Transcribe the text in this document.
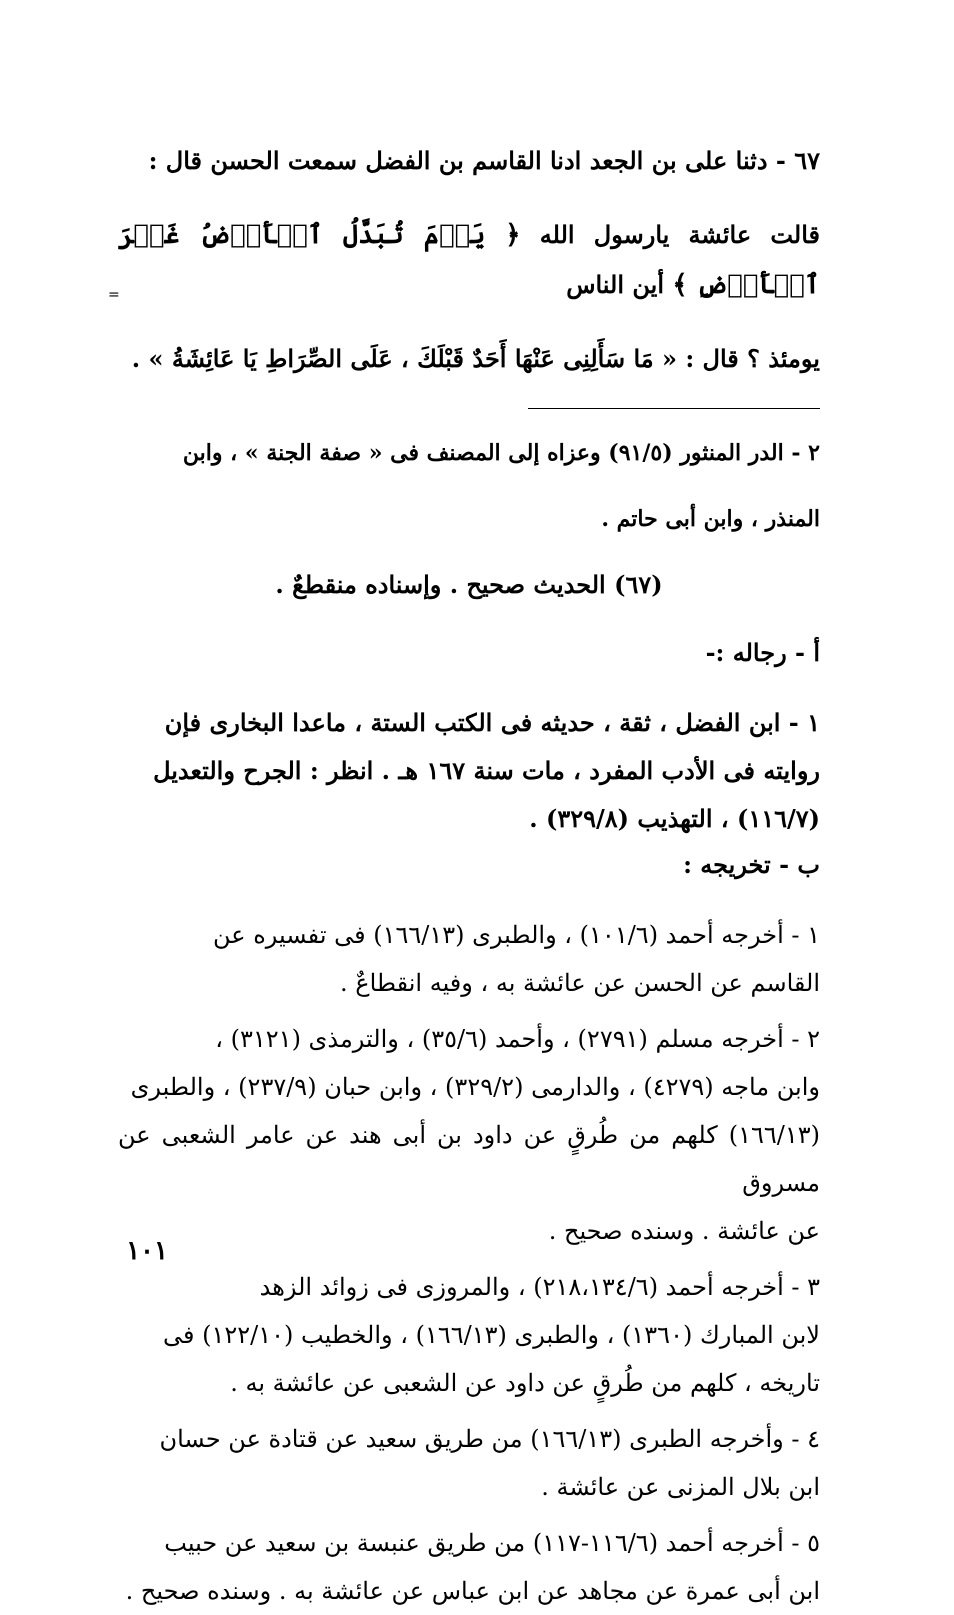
٦٧ - دثنا على بن الجعد ادنا القاسم بن الفضل سمعت الحسن قال :

قالت عائشة يارسول الله ﴿ يَوۡمَ تُبَدَّلُ ٱلۡأَرۡضُ غَيۡرَ ٱلۡأَرۡضِ ﴾ أين الناس

يومئذ ؟ قال : « مَا سَأَلِنِى عَنْهَا أَحَدٌ قَبْلَكَ ، عَلَى الصِّرَاطِ يَا عَائِشَةُ » .

٢ - الدر المنثور (٩١/٥) وعزاه إلى المصنف فى « صفة الجنة » ، وابن

المنذر ، وابن أبى حاتم .

(٦٧) الحديث صحيح . وإسناده منقطعٌ .

أ - رجاله :-

١ - ابن الفضل ، ثقة ، حديثه فى الكتب الستة ، ماعدا البخارى فإن

روايته فى الأدب المفرد ، مات سنة ١٦٧ هـ . انظر : الجرح والتعديل

(١١٦/٧) ، التهذيب (٣٢٩/٨) .

ب - تخريجه :

١ - أخرجه أحمد (١٠١/٦) ، والطبرى (١٦٦/١٣) فى تفسيره عن

القاسم عن الحسن عن عائشة به ، وفيه انقطاعٌ .

٢ - أخرجه مسلم (٢٧٩١) ، وأحمد (٣٥/٦) ، والترمذى (٣١٢١) ،

وابن ماجه (٤٢٧٩) ، والدارمى (٣٢٩/٢) ، وابن حبان (٢٣٧/٩) ، والطبرى

(١٦٦/١٣) كلهم من طُرقٍ عن داود بن أبى هند عن عامر الشعبى عن مسروق

عن عائشة . وسنده صحيح .

٣ - أخرجه أحمد (٢١٨،١٣٤/٦) ، والمروزى فى زوائد الزهد

لابن المبارك (١٣٦٠) ، والطبرى (١٦٦/١٣) ، والخطيب (١٢٢/١٠) فى

تاريخه ، كلهم من طُرقٍ عن داود عن الشعبى عن عائشة به .

٤ - وأخرجه الطبرى (١٦٦/١٣) من طريق سعيد عن قتادة عن حسان

ابن بلال المزنى عن عائشة .

٥ - أخرجه أحمد (١١٦/٦-١١٧) من طريق عنبسة بن سعيد عن حبيب

ابن أبى عمرة عن مجاهد عن ابن عباس عن عائشة به . وسنده صحيح .

=
١٠١
